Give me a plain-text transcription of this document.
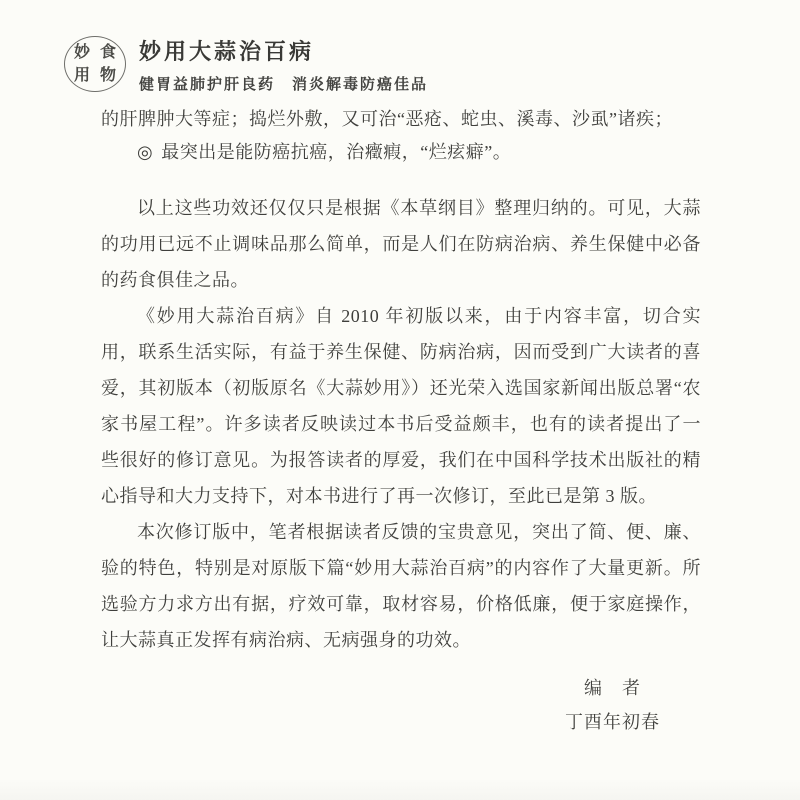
妙 食
用 物
妙用大蒜治百病
健胃益肺护肝良药　消炎解毒防癌佳品

的肝脾肿大等症；捣烂外敷，又可治“恶疮、蛇虫、溪毒、沙虱”诸疾；

◎ 最突出是能防癌抗癌，治癥瘕，“烂痃癖”。

以上这些功效还仅仅只是根据《本草纲目》整理归纳的。可见，大蒜的功用已远不止调味品那么简单，而是人们在防病治病、养生保健中必备的药食俱佳之品。

《妙用大蒜治百病》自 2010 年初版以来，由于内容丰富，切合实用，联系生活实际，有益于养生保健、防病治病，因而受到广大读者的喜爱，其初版本（初版原名《大蒜妙用》）还光荣入选国家新闻出版总署“农家书屋工程”。许多读者反映读过本书后受益颇丰，也有的读者提出了一些很好的修订意见。为报答读者的厚爱，我们在中国科学技术出版社的精心指导和大力支持下，对本书进行了再一次修订，至此已是第 3 版。

本次修订版中，笔者根据读者反馈的宝贵意见，突出了简、便、廉、验的特色，特别是对原版下篇“妙用大蒜治百病”的内容作了大量更新。所选验方力求方出有据，疗效可靠，取材容易，价格低廉，便于家庭操作，让大蒜真正发挥有病治病、无病强身的功效。

编　者
丁酉年初春
